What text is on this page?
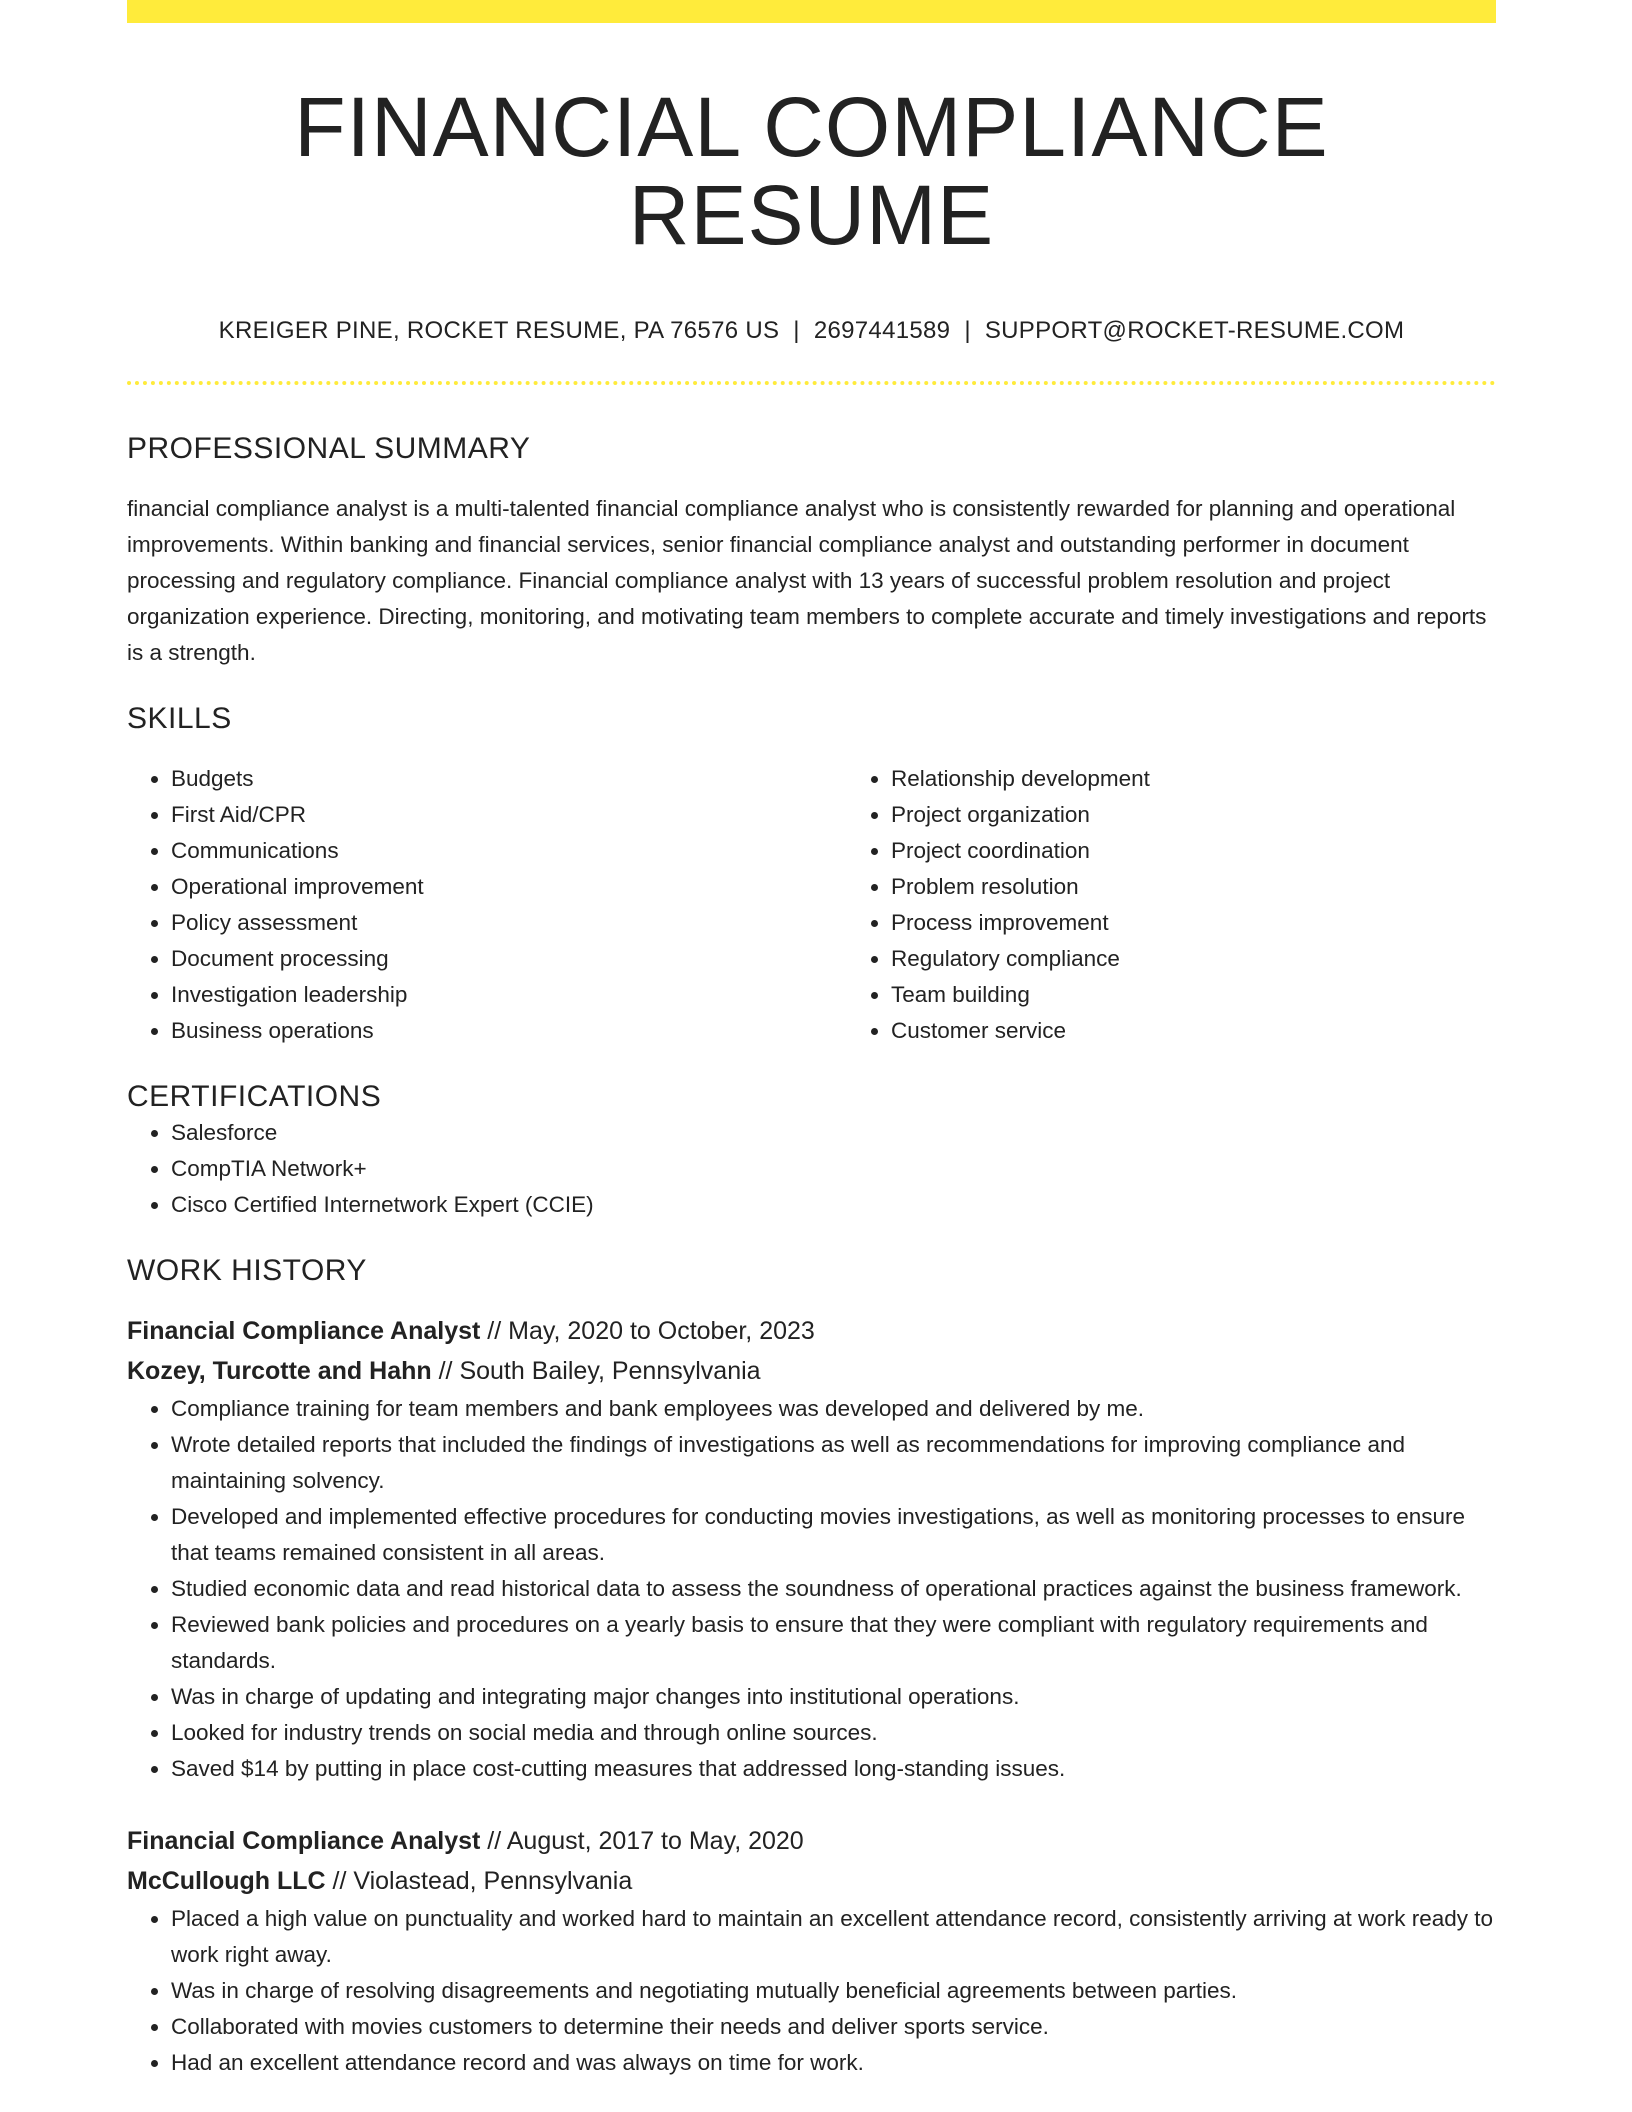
FINANCIAL COMPLIANCE RESUME
KREIGER PINE, ROCKET RESUME, PA 76576 US | 2697441589 | SUPPORT@ROCKET-RESUME.COM
PROFESSIONAL SUMMARY

financial compliance analyst is a multi-talented financial compliance analyst who is consistently rewarded for planning and operational improvements. Within banking and financial services, senior financial compliance analyst and outstanding performer in document processing and regulatory compliance. Financial compliance analyst with 13 years of successful problem resolution and project organization experience. Directing, monitoring, and motivating team members to complete accurate and timely investigations and reports is a strength.

SKILLS
• Budgets
• First Aid/CPR
• Communications
• Operational improvement
• Policy assessment
• Document processing
• Investigation leadership
• Business operations
• Relationship development
• Project organization
• Project coordination
• Problem resolution
• Process improvement
• Regulatory compliance
• Team building
• Customer service
CERTIFICATIONS
• Salesforce
• CompTIA Network+
• Cisco Certified Internetwork Expert (CCIE)
WORK HISTORY
Financial Compliance Analyst // May, 2020 to October, 2023
Kozey, Turcotte and Hahn // South Bailey, Pennsylvania
• Compliance training for team members and bank employees was developed and delivered by me.
• Wrote detailed reports that included the findings of investigations as well as recommendations for improving compliance and maintaining solvency.
• Developed and implemented effective procedures for conducting movies investigations, as well as monitoring processes to ensure that teams remained consistent in all areas.
• Studied economic data and read historical data to assess the soundness of operational practices against the business framework.
• Reviewed bank policies and procedures on a yearly basis to ensure that they were compliant with regulatory requirements and standards.
• Was in charge of updating and integrating major changes into institutional operations.
• Looked for industry trends on social media and through online sources.
• Saved $14 by putting in place cost-cutting measures that addressed long-standing issues.
Financial Compliance Analyst // August, 2017 to May, 2020
McCullough LLC // Violastead, Pennsylvania
• Placed a high value on punctuality and worked hard to maintain an excellent attendance record, consistently arriving at work ready to work right away.
• Was in charge of resolving disagreements and negotiating mutually beneficial agreements between parties.
• Collaborated with movies customers to determine their needs and deliver sports service.
• Had an excellent attendance record and was always on time for work.
